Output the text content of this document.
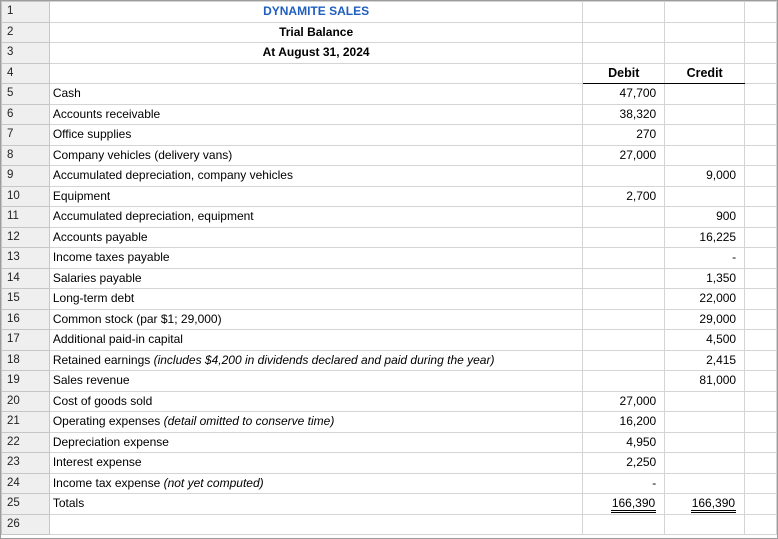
1	DYNAMITE SALES			
2	Trial Balance			
3	At August 31, 2024			
4		Debit	Credit	
5	Cash	47,700		
6	Accounts receivable	38,320		
7	Office supplies	270		
8	Company vehicles (delivery vans)	27,000		
9	Accumulated depreciation, company vehicles		9,000	
10	Equipment	2,700		
11	Accumulated depreciation, equipment		900	
12	Accounts payable		16,225	
13	Income taxes payable		-	
14	Salaries payable		1,350	
15	Long-term debt		22,000	
16	Common stock (par $1; 29,000)		29,000	
17	Additional paid-in capital		4,500	
18	Retained earnings (includes $4,200 in dividends declared and paid during the year)		2,415	
19	Sales revenue		81,000	
20	Cost of goods sold	27,000		
21	Operating expenses (detail omitted to conserve time)	16,200		
22	Depreciation expense	4,950		
23	Interest expense	2,250		
24	Income tax expense (not yet computed)	-		
25	Totals	166,390	166,390	
26				
